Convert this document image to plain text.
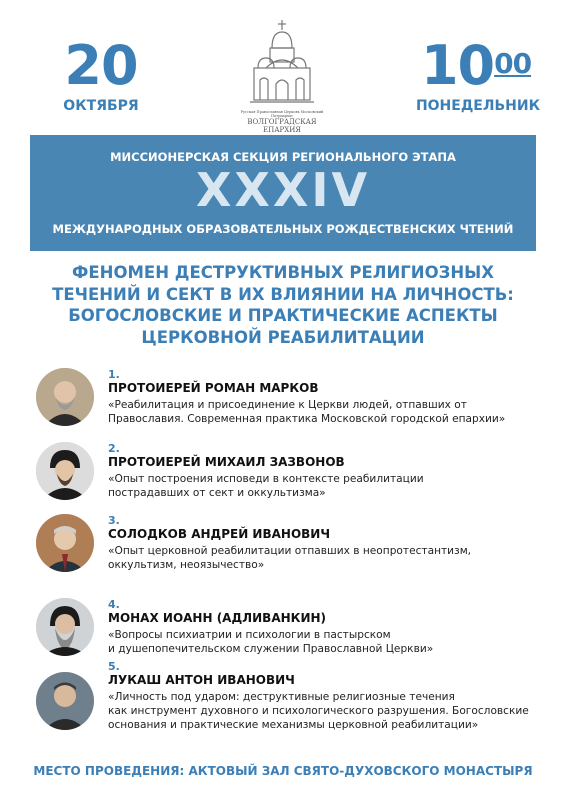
20
ОКТЯБРЯ
$10^{00}$
ПОНЕДЕЛЬНИК
Русская Православная Церковь Московский Патриархат
ВОЛГОГРАДСКАЯ
ЕПАРХИЯ
МИССИОНЕРСКАЯ СЕКЦИЯ РЕГИОНАЛЬНОГО ЭТАПА
XXXIV
МЕЖДУНАРОДНЫХ ОБРАЗОВАТЕЛЬНЫХ РОЖДЕСТВЕНСКИХ ЧТЕНИЙ
ФЕНОМЕН ДЕСТРУКТИВНЫХ РЕЛИГИОЗНЫХ
ТЕЧЕНИЙ И СЕКТ В ИХ ВЛИЯНИИ НА ЛИЧНОСТЬ:
БОГОСЛОВСКИЕ И ПРАКТИЧЕСКИЕ АСПЕКТЫ
ЦЕРКОВНОЙ РЕАБИЛИТАЦИИ
1.
ПРОТОИЕРЕЙ РОМАН МАРКОВ
«Реабилитация и присоединение к Церкви людей, отпавших от
Православия. Современная практика Московской городской епархии»
2.
ПРОТОИЕРЕЙ МИХАИЛ ЗАЗВОНОВ
«Опыт построения исповеди в контексте реабилитации
пострадавших от сект и оккультизма»
3.
СОЛОДКОВ АНДРЕЙ ИВАНОВИЧ
«Опыт церковной реабилитации отпавших в неопротестантизм,
оккультизм, неоязычество»
4.
МОНАХ ИОАНН (АДЛИВАНКИН)
«Вопросы психиатрии и психологии в пастырском
и душепопечительском служении Православной Церкви»
5.
ЛУКАШ АНТОН ИВАНОВИЧ
«Личность под ударом: деструктивные религиозные течения
как инструмент духовного и психологического разрушения. Богословские
основания и практические механизмы церковной реабилитации»
МЕСТО ПРОВЕДЕНИЯ: АКТОВЫЙ ЗАЛ СВЯТО-ДУХОВСКОГО МОНАСТЫРЯ
